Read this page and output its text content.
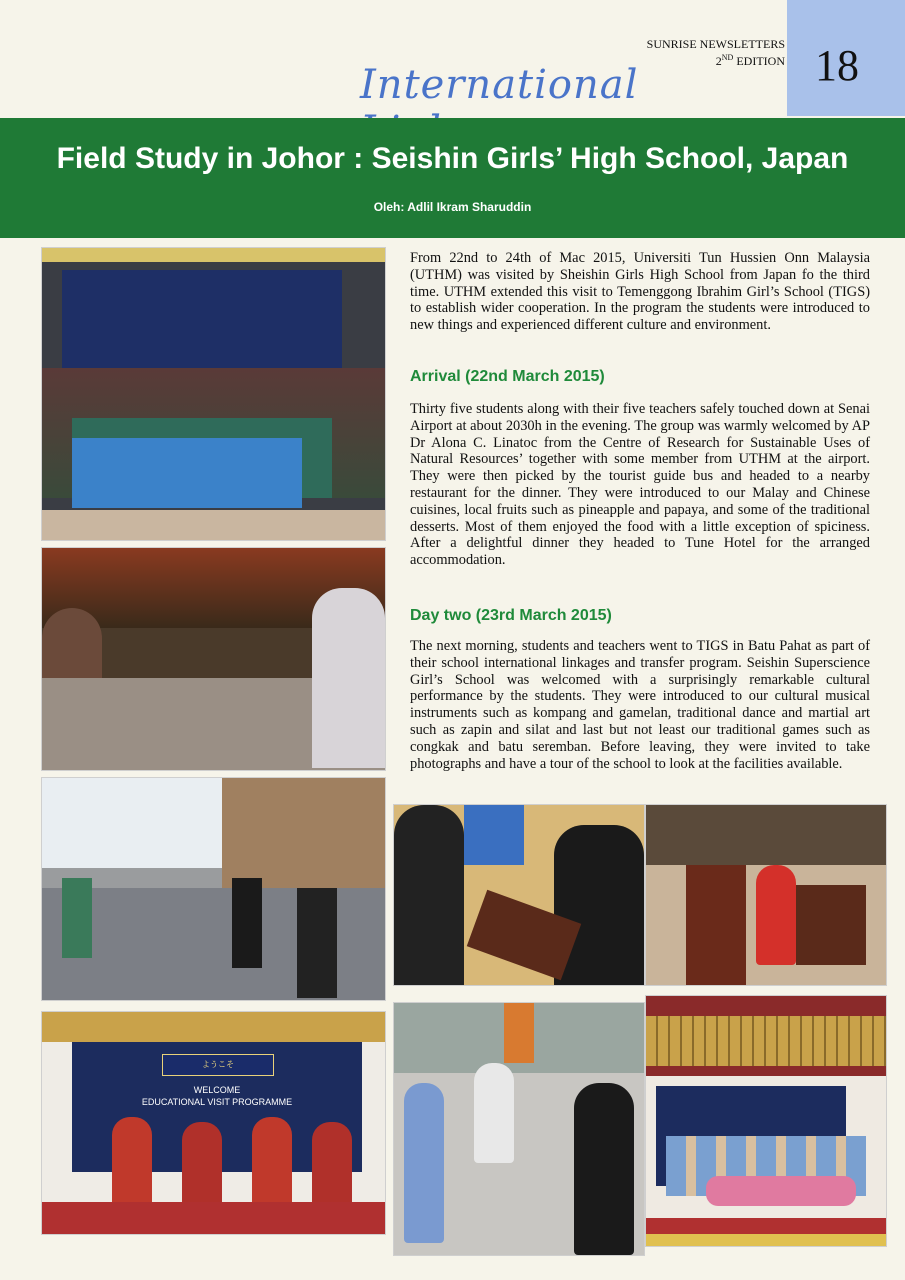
SUNRISE NEWSLETTERS
2ND EDITION 18
International
Field Study in Johor : Seishin Girls’ High School, Japan
Oleh: Adlil Ikram Sharuddin

From 22nd to 24th of Mac 2015, Universiti Tun Hussien Onn Malaysia (UTHM) was visited by Sheishin Girls High School from Japan fo the third time. UTHM extended this visit to Temenggong Ibrahim Girl’s School (TIGS) to establish wider cooperation. In the program the students were introduced to new things and experienced different culture and environment.

Arrival (22nd March 2015)

Thirty five students along with their five teachers safely touched down at Senai Airport at about 2030h in the evening. The group was warmly welcomed by AP Dr Alona C. Linatoc from the Centre of Research for Sustainable Uses of Natural Resources’ together with some member from UTHM at the airport. They were then picked by the tourist guide bus and headed to a nearby restaurant for the dinner. They were introduced to our Malay and Chinese cuisines, local fruits such as pineapple and papaya, and some of the traditional desserts. Most of them enjoyed the food with a little exception of spiciness. After a delightful dinner they headed to Tune Hotel for the arranged accommodation.

Day two (23rd March 2015)

The next morning, students and teachers went to TIGS in Batu Pahat as part of their school international linkages and transfer program. Seishin Superscience Girl’s School was welcomed with a surprisingly remarkable cultural performance by the students. They were introduced to our cultural musical instruments such as kompang and gamelan, traditional dance and martial art such as zapin and silat and last but not least our traditional games such as congkak and batu seremban. Before leaving, they were invited to take photographs and have a tour of the school to look at the facilities available.

ようこそ
WELCOME
EDUCATIONAL VISIT PROGRAMME
